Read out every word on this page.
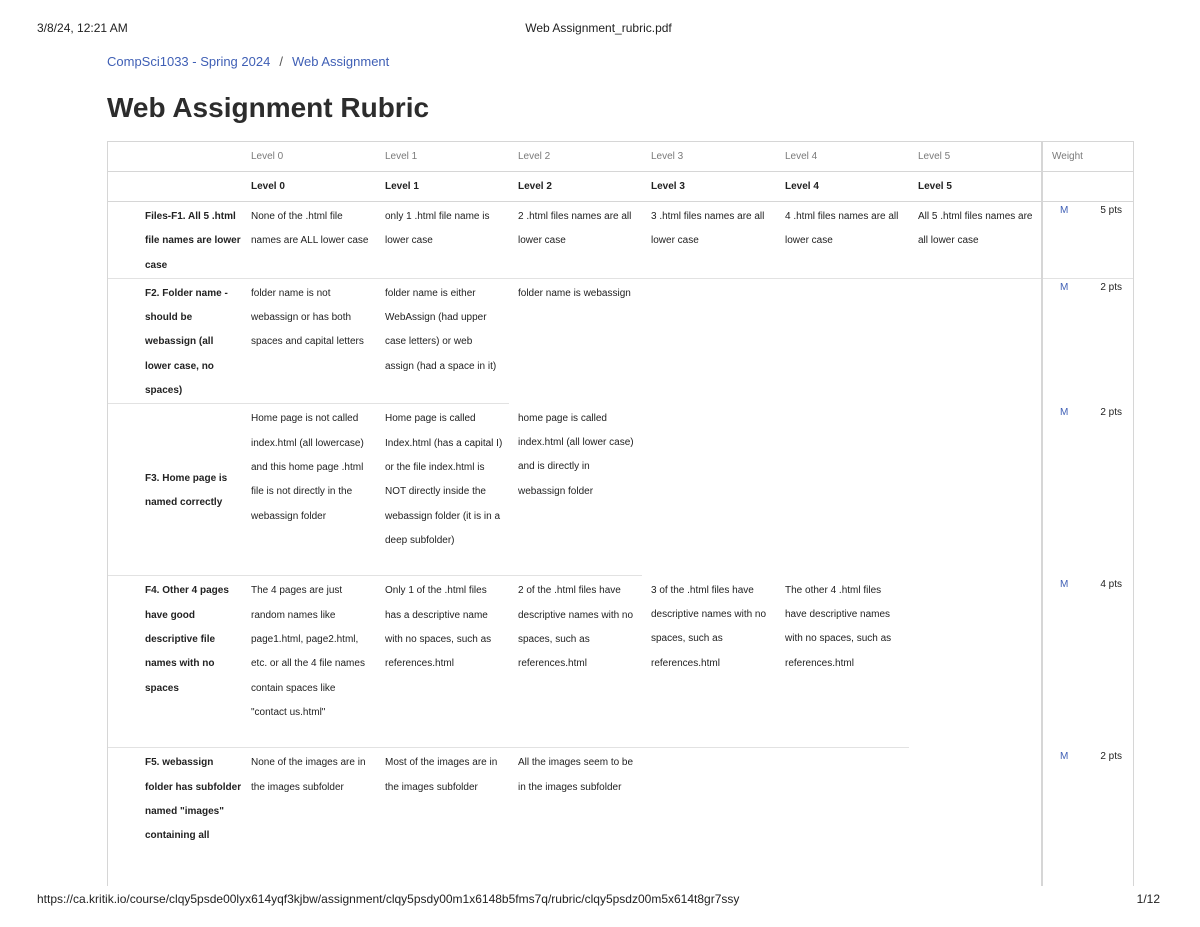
3/8/24, 12:21 AM	Web Assignment_rubric.pdf
CompSci1033 - Spring 2024 / Web Assignment
Web Assignment Rubric
	Level 0	Level 1	Level 2	Level 3	Level 4	Level 5	Weight
	Level 0	Level 1	Level 2	Level 3	Level 4	Level 5	
Files-F1. All 5 .html file names are lower case	None of the .html file names are ALL lower case	only 1 .html file name is lower case	2 .html files names are all lower case	3 .html files names are all lower case	4 .html files names are all lower case	All 5 .html files names are all lower case	M 5 pts

F2. Folder name - should be webassign (all lower case, no spaces)	folder name is not webassign or has both spaces and capital letters	folder name is either WebAssign (had upper case letters) or web assign (had a space in it)	folder name is webassign				M 2 pts

F3. Home page is named correctly	Home page is not called index.html (all lowercase) and this home page .html file is not directly in the webassign folder	Home page is called Index.html (has a capital I) or the file index.html is NOT directly inside the webassign folder (it is in a deep subfolder)	home page is called index.html (all lower case) and is directly in webassign folder				M 2 pts

F4. Other 4 pages have good descriptive file names with no spaces	The 4 pages are just random names like page1.html, page2.html, etc. or all the 4 file names contain spaces like "contact us.html"	Only 1 of the .html files has a descriptive name with no spaces, such as references.html	2 of the .html files have descriptive names with no spaces, such as references.html	3 of the .html files have descriptive names with no spaces, such as references.html	The other 4 .html files have descriptive names with no spaces, such as references.html		M 4 pts

F5. webassign folder has subfolder named "images" containing all	None of the images are in the images subfolder	Most of the images are in the images subfolder	All the images seem to be in the images subfolder				M 2 pts
https://ca.kritik.io/course/clqy5psde00lyx614yqf3kjbw/assignment/clqy5psdy00m1x6148b5fms7q/rubric/clqy5psdz00m5x614t8gr7ssy	1/12
